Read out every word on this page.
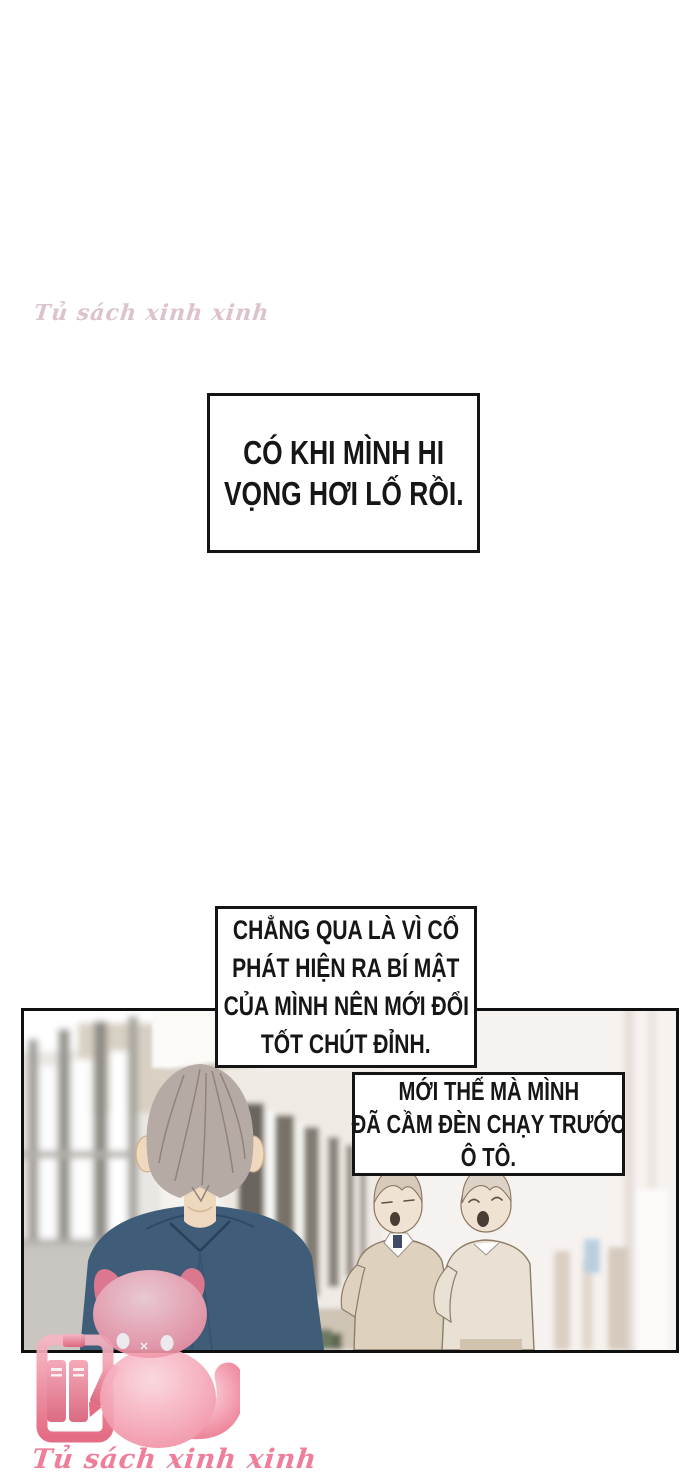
Tủ sách xinh xinh
CÓ KHI MÌNH HI
VỌNG HƠI LỐ RỒI.
MỚI THẾ MÀ MÌNH
ĐÃ CẦM ĐÈN CHẠY TRƯỚC
Ô TÔ.
CHẲNG QUA LÀ VÌ CỔ
PHÁT HIỆN RA BÍ MẬT
CỦA MÌNH NÊN MỚI ĐỔI
TỐT CHÚT ĐỈNH.
Tủ sách xinh xinh
